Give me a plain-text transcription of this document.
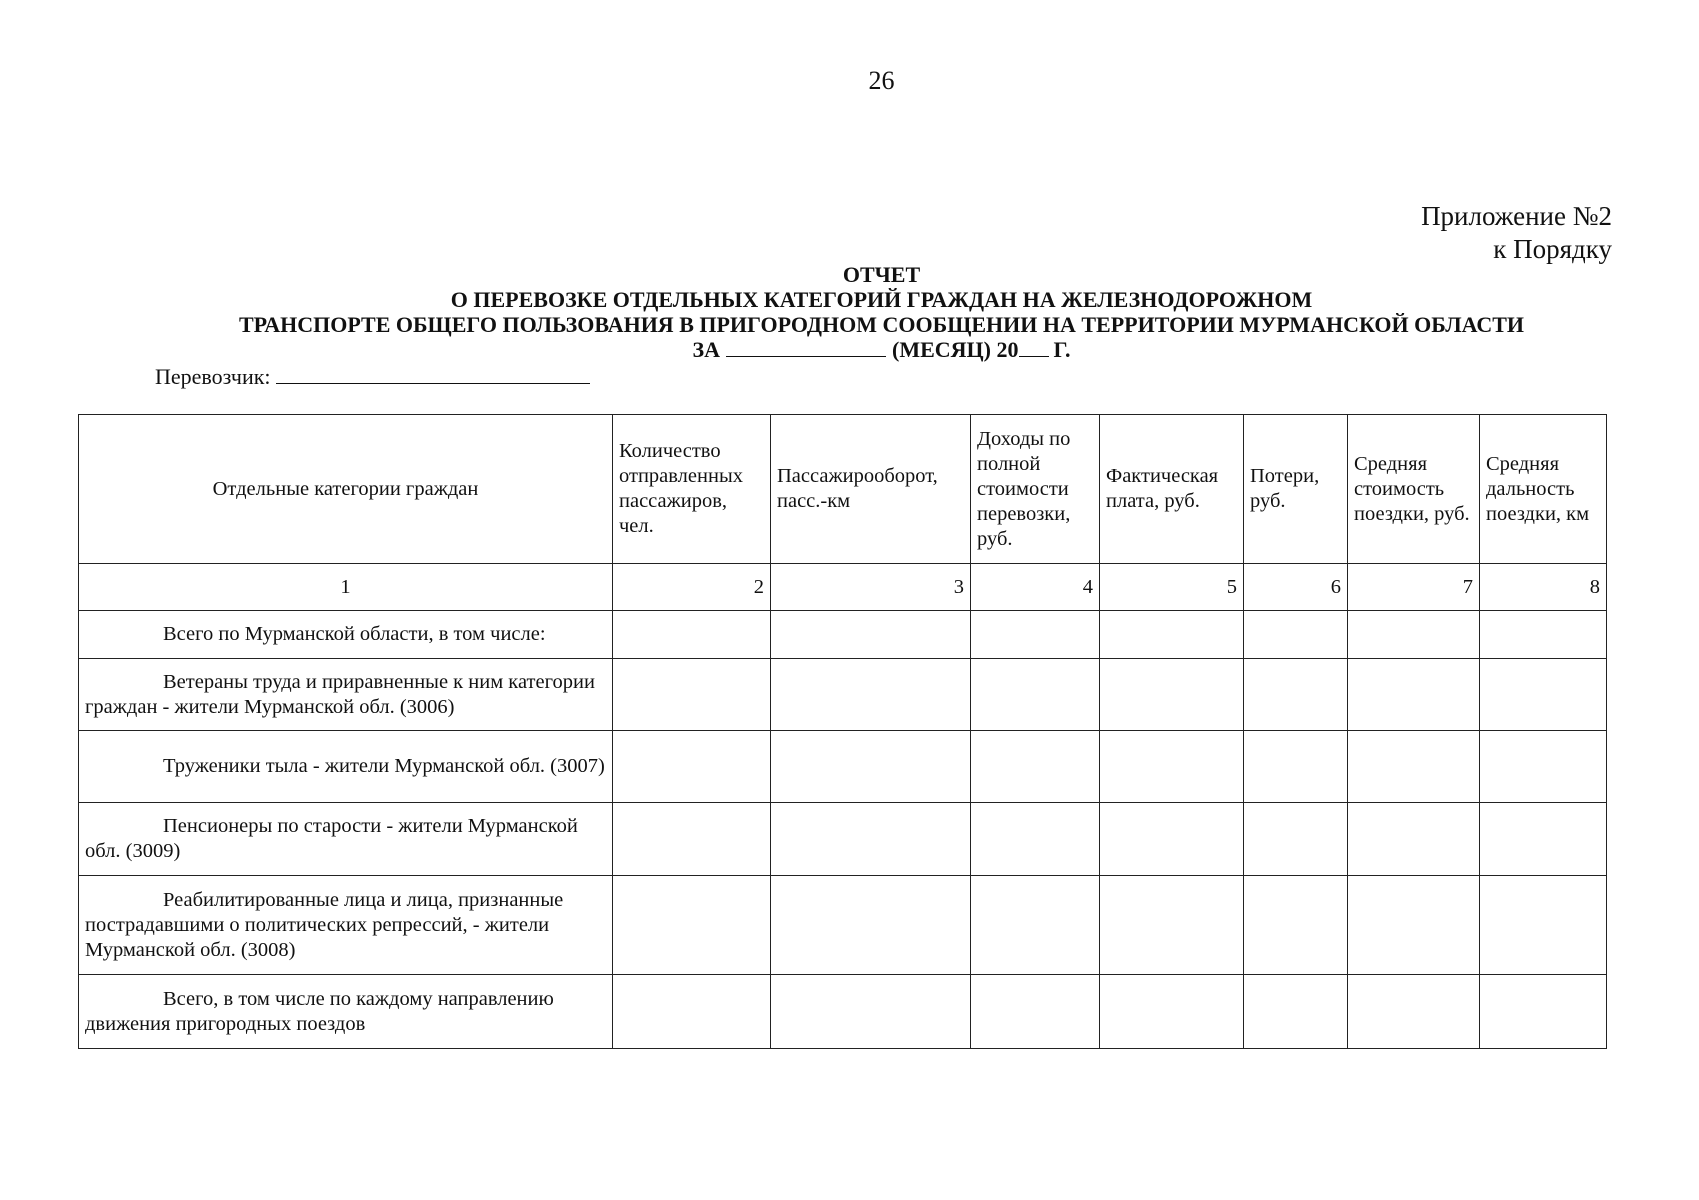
26
Приложение №2
к Порядку
ОТЧЕТ
О ПЕРЕВОЗКЕ ОТДЕЛЬНЫХ КАТЕГОРИЙ ГРАЖДАН НА ЖЕЛЕЗНОДОРОЖНОМ
ТРАНСПОРТЕ ОБЩЕГО ПОЛЬЗОВАНИЯ В ПРИГОРОДНОМ СООБЩЕНИИ НА ТЕРРИТОРИИ МУРМАНСКОЙ ОБЛАСТИ
ЗА	(МЕСЯЦ) 20 Г.
Перевозчик:
Отдельные категории граждан	Количество отправленных пассажиров, чел.	Пассажирооборот, пасс.-км	Доходы по полной стоимости перевозки, руб.	Фактическая плата, руб.	Потери, руб.	Средняя стоимость поездки, руб.	Средняя дальность поездки, км
1	2	3	4	5	6	7	8
Всего по Мурманской области, в том числе:							
Ветераны труда и приравненные к ним категории граждан - жители Мурманской обл. (3006)							
Труженики тыла - жители Мурманской обл. (3007)							
Пенсионеры по старости - жители Мурманской обл. (3009)							
Реабилитированные лица и лица, признанные пострадавшими о политических репрессий, - жители Мурманской обл. (3008)							
Всего, в том числе по каждому направлению движения пригородных поездов							
